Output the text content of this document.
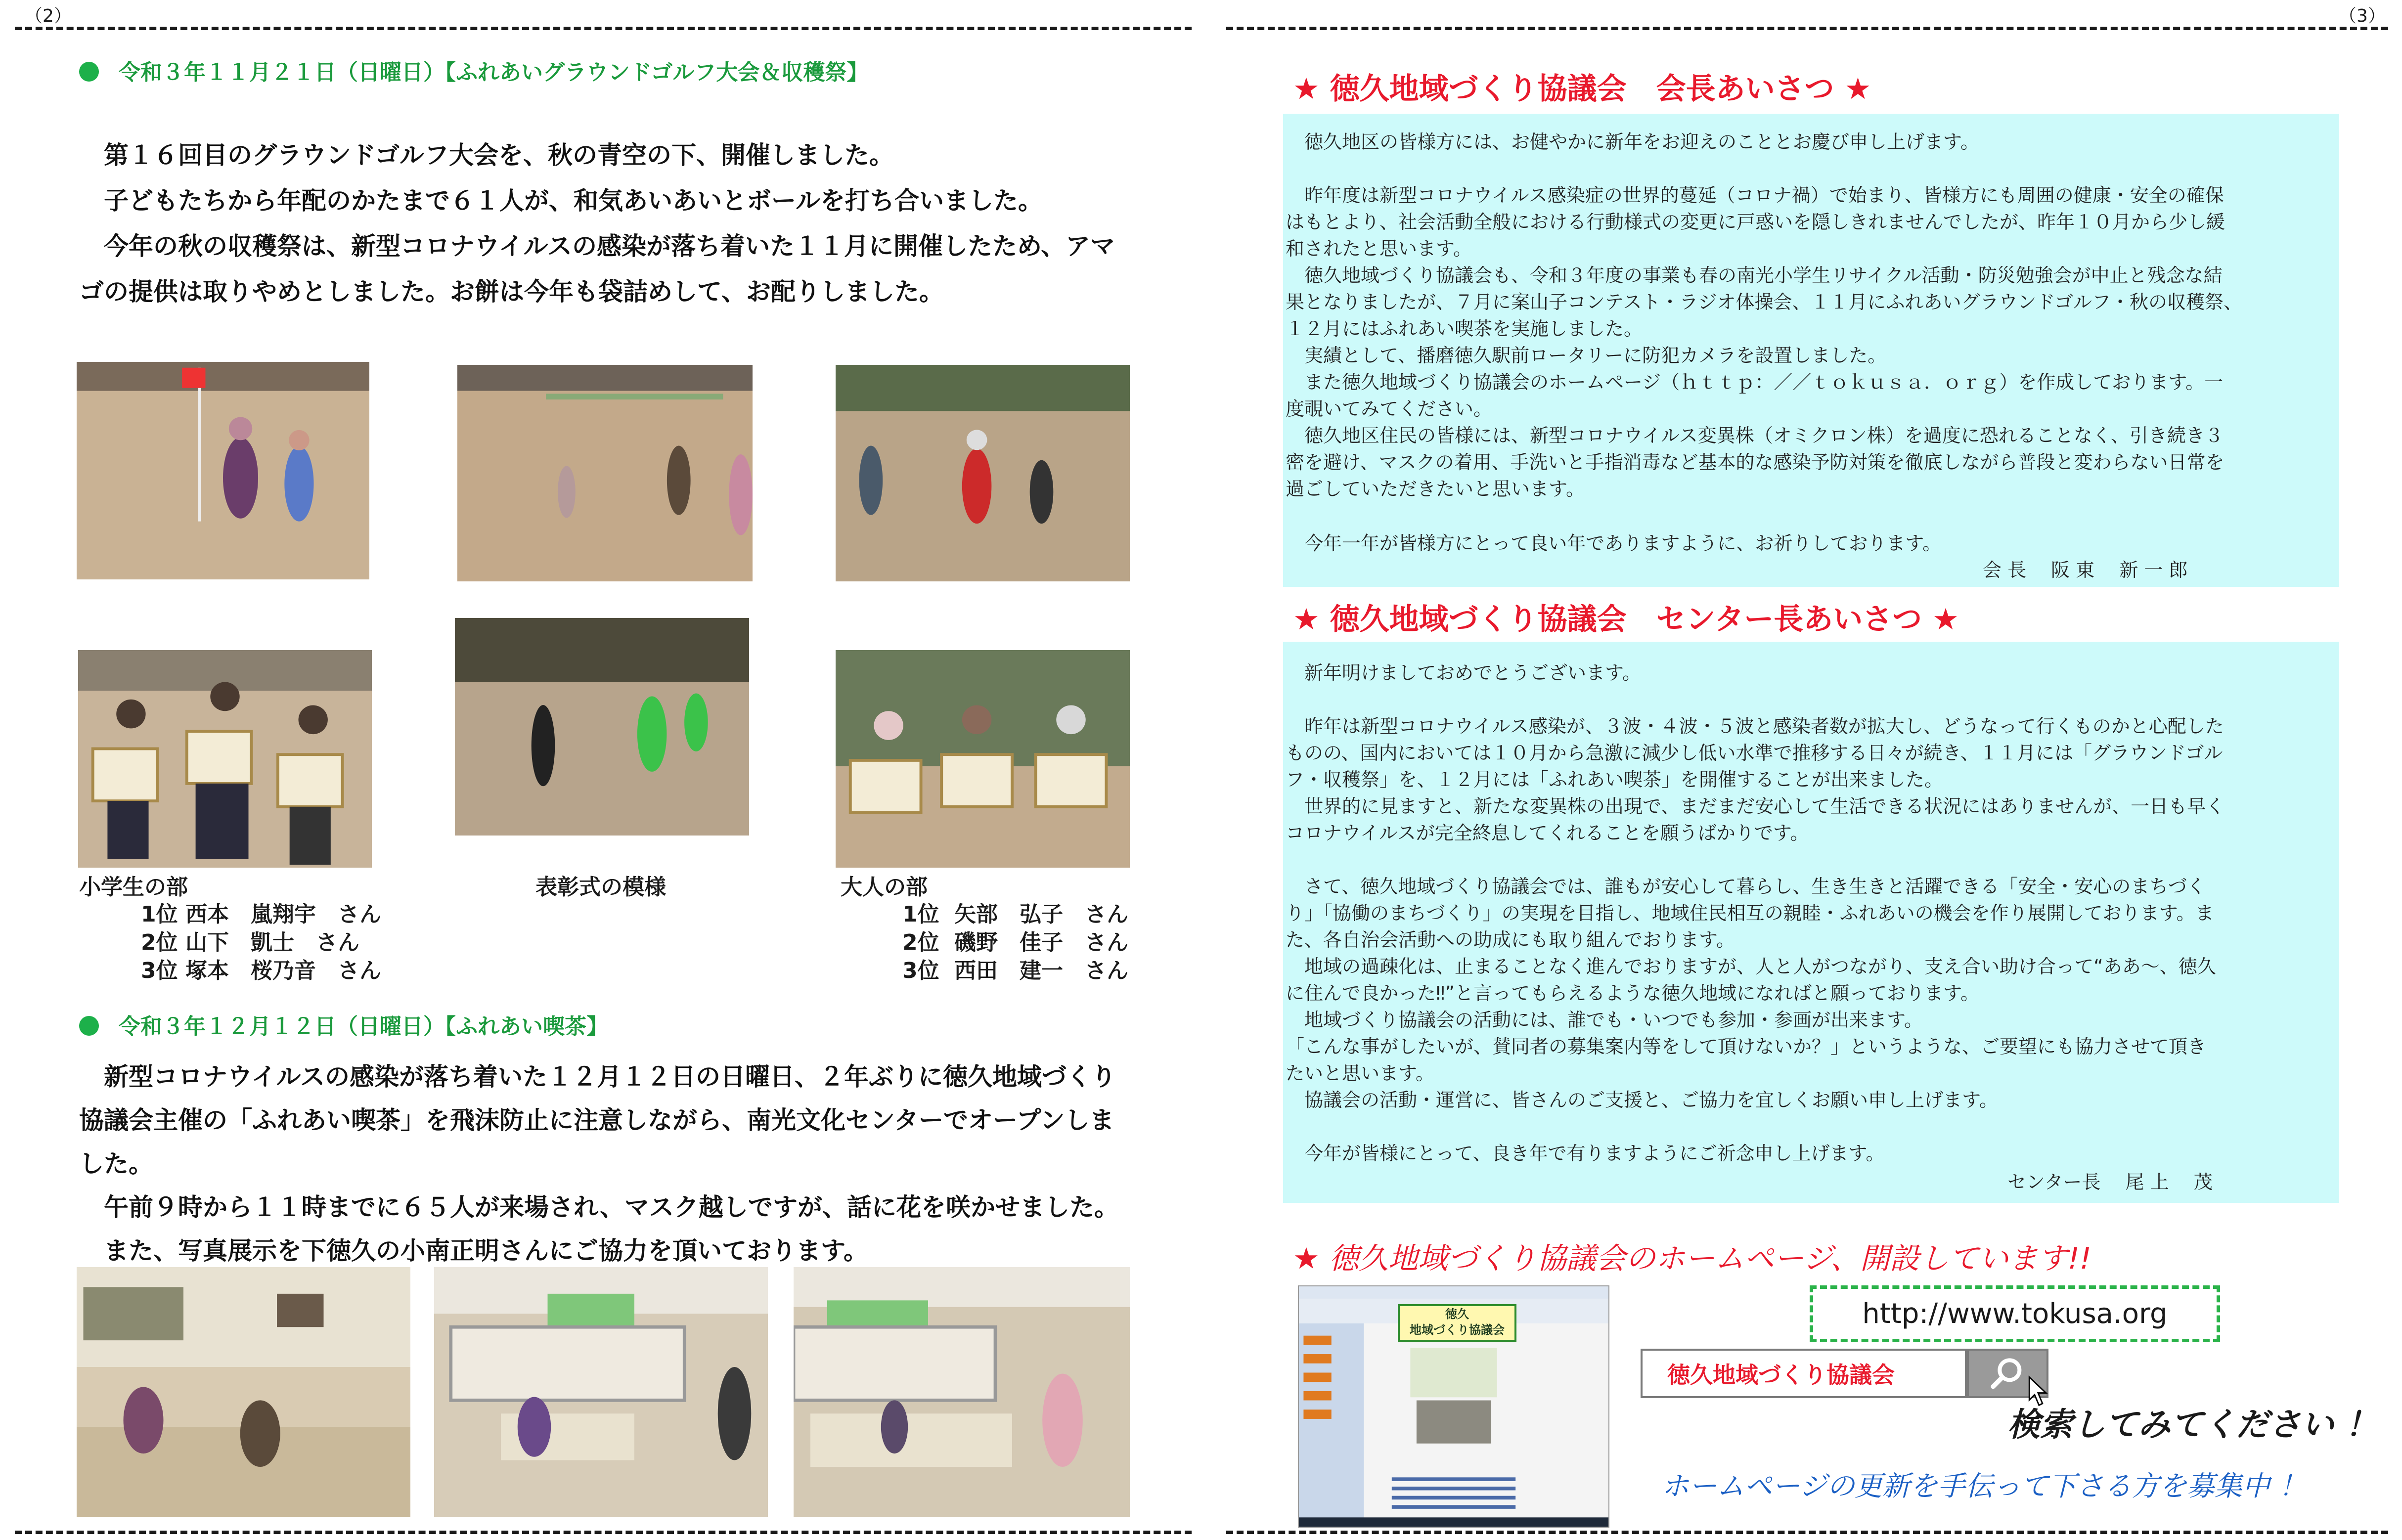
（2）	（3）
令和３年１１月２１日（日曜日）【ふれあいグラウンドゴルフ大会＆収穫祭】

　第１６回目のグラウンドゴルフ大会を、秋の青空の下、開催しました。

　子どもたちから年配のかたまで６１人が、和気あいあいとボールを打ち合いました。

　今年の秋の収穫祭は、新型コロナウイルスの感染が落ち着いた１１月に開催したため、アマ

ゴの提供は取りやめとしました。お餅は今年も袋詰めして、お配りしました。

小学生の部	表彰式の模様	大人の部
1位 西本　嵐翔宇　さん
2位 山下　凱士　さん
3位 塚本　桜乃音　さん
1位 矢部　弘子　さん
2位 磯野　佳子　さん
3位 西田　建一　さん
令和３年１２月１２日（日曜日）【ふれあい喫茶】

　新型コロナウイルスの感染が落ち着いた１２月１２日の日曜日、２年ぶりに徳久地域づくり

協議会主催の「ふれあい喫茶」を飛沫防止に注意しながら、南光文化センターでオープンしま

した。

　午前９時から１１時までに６５人が来場され、マスク越しですが、話に花を咲かせました。

　また、写真展示を下徳久の小南正明さんにご協力を頂いております。

★ 徳久地域づくり協議会　会長あいさつ ★
　徳久地区の皆様方には、お健やかに新年をお迎えのこととお慶び申し上げます。
　昨年度は新型コロナウイルス感染症の世界的蔓延（コロナ禍）で始まり、皆様方にも周囲の健康・安全の確保
はもとより、社会活動全般における行動様式の変更に戸惑いを隠しきれませんでしたが、昨年１０月から少し緩
和されたと思います。
　徳久地域づくり協議会も、令和３年度の事業も春の南光小学生リサイクル活動・防災勉強会が中止と残念な結
果となりましたが、７月に案山子コンテスト・ラジオ体操会、１１月にふれあいグラウンドゴルフ・秋の収穫祭、
１２月にはふれあい喫茶を実施しました。
　実績として、播磨徳久駅前ロータリーに防犯カメラを設置しました。
　また徳久地域づくり協議会のホームページ（ｈｔｔｐ：／／ｔｏｋｕｓａ．ｏｒｇ）を作成しております。一
度覗いてみてください。
　徳久地区住民の皆様には、新型コロナウイルス変異株（オミクロン株）を過度に恐れることなく、引き続き３
密を避け、マスクの着用、手洗いと手指消毒など基本的な感染予防対策を徹底しながら普段と変わらない日常を
過ごしていただきたいと思います。
　今年一年が皆様方にとって良い年でありますように、お祈りしております。
会 長　 阪 東　 新 一 郎
★ 徳久地域づくり協議会　センター長あいさつ ★
　新年明けましておめでとうございます。
　昨年は新型コロナウイルス感染が、３波・４波・５波と感染者数が拡大し、どうなって行くものかと心配した
ものの、国内においては１０月から急激に減少し低い水準で推移する日々が続き、１１月には「グラウンドゴル
フ・収穫祭」を、１２月には「ふれあい喫茶」を開催することが出来ました。
　世界的に見ますと、新たな変異株の出現で、まだまだ安心して生活できる状況にはありませんが、一日も早く
コロナウイルスが完全終息してくれることを願うばかりです。
　さて、徳久地域づくり協議会では、誰もが安心して暮らし、生き生きと活躍できる「安全・安心のまちづく
り」「協働のまちづくり」の実現を目指し、地域住民相互の親睦・ふれあいの機会を作り展開しております。ま
た、各自治会活動への助成にも取り組んでおります。
　地域の過疎化は、止まることなく進んでおりますが、人と人がつながり、支え合い助け合って“ああ〜、徳久
に住んで良かった‼”と言ってもらえるような徳久地域になればと願っております。
　地域づくり協議会の活動には、誰でも・いつでも参加・参画が出来ます。
「こんな事がしたいが、賛同者の募集案内等をして頂けないか？」というような、ご要望にも協力させて頂き
たいと思います。
　協議会の活動・運営に、皆さんのご支援と、ご協力を宜しくお願い申し上げます。
　今年が皆様にとって、良き年で有りますようにご祈念申し上げます。
センター長　 尾 上　 茂
★ 徳久地域づくり協議会のホームページ、開設しています!!
徳久
地域づくり協議会	http://www.tokusa.org
徳久地域づくり協議会
検索してみてください ！
ホームページの更新を手伝って下さる方を募集中 ！
